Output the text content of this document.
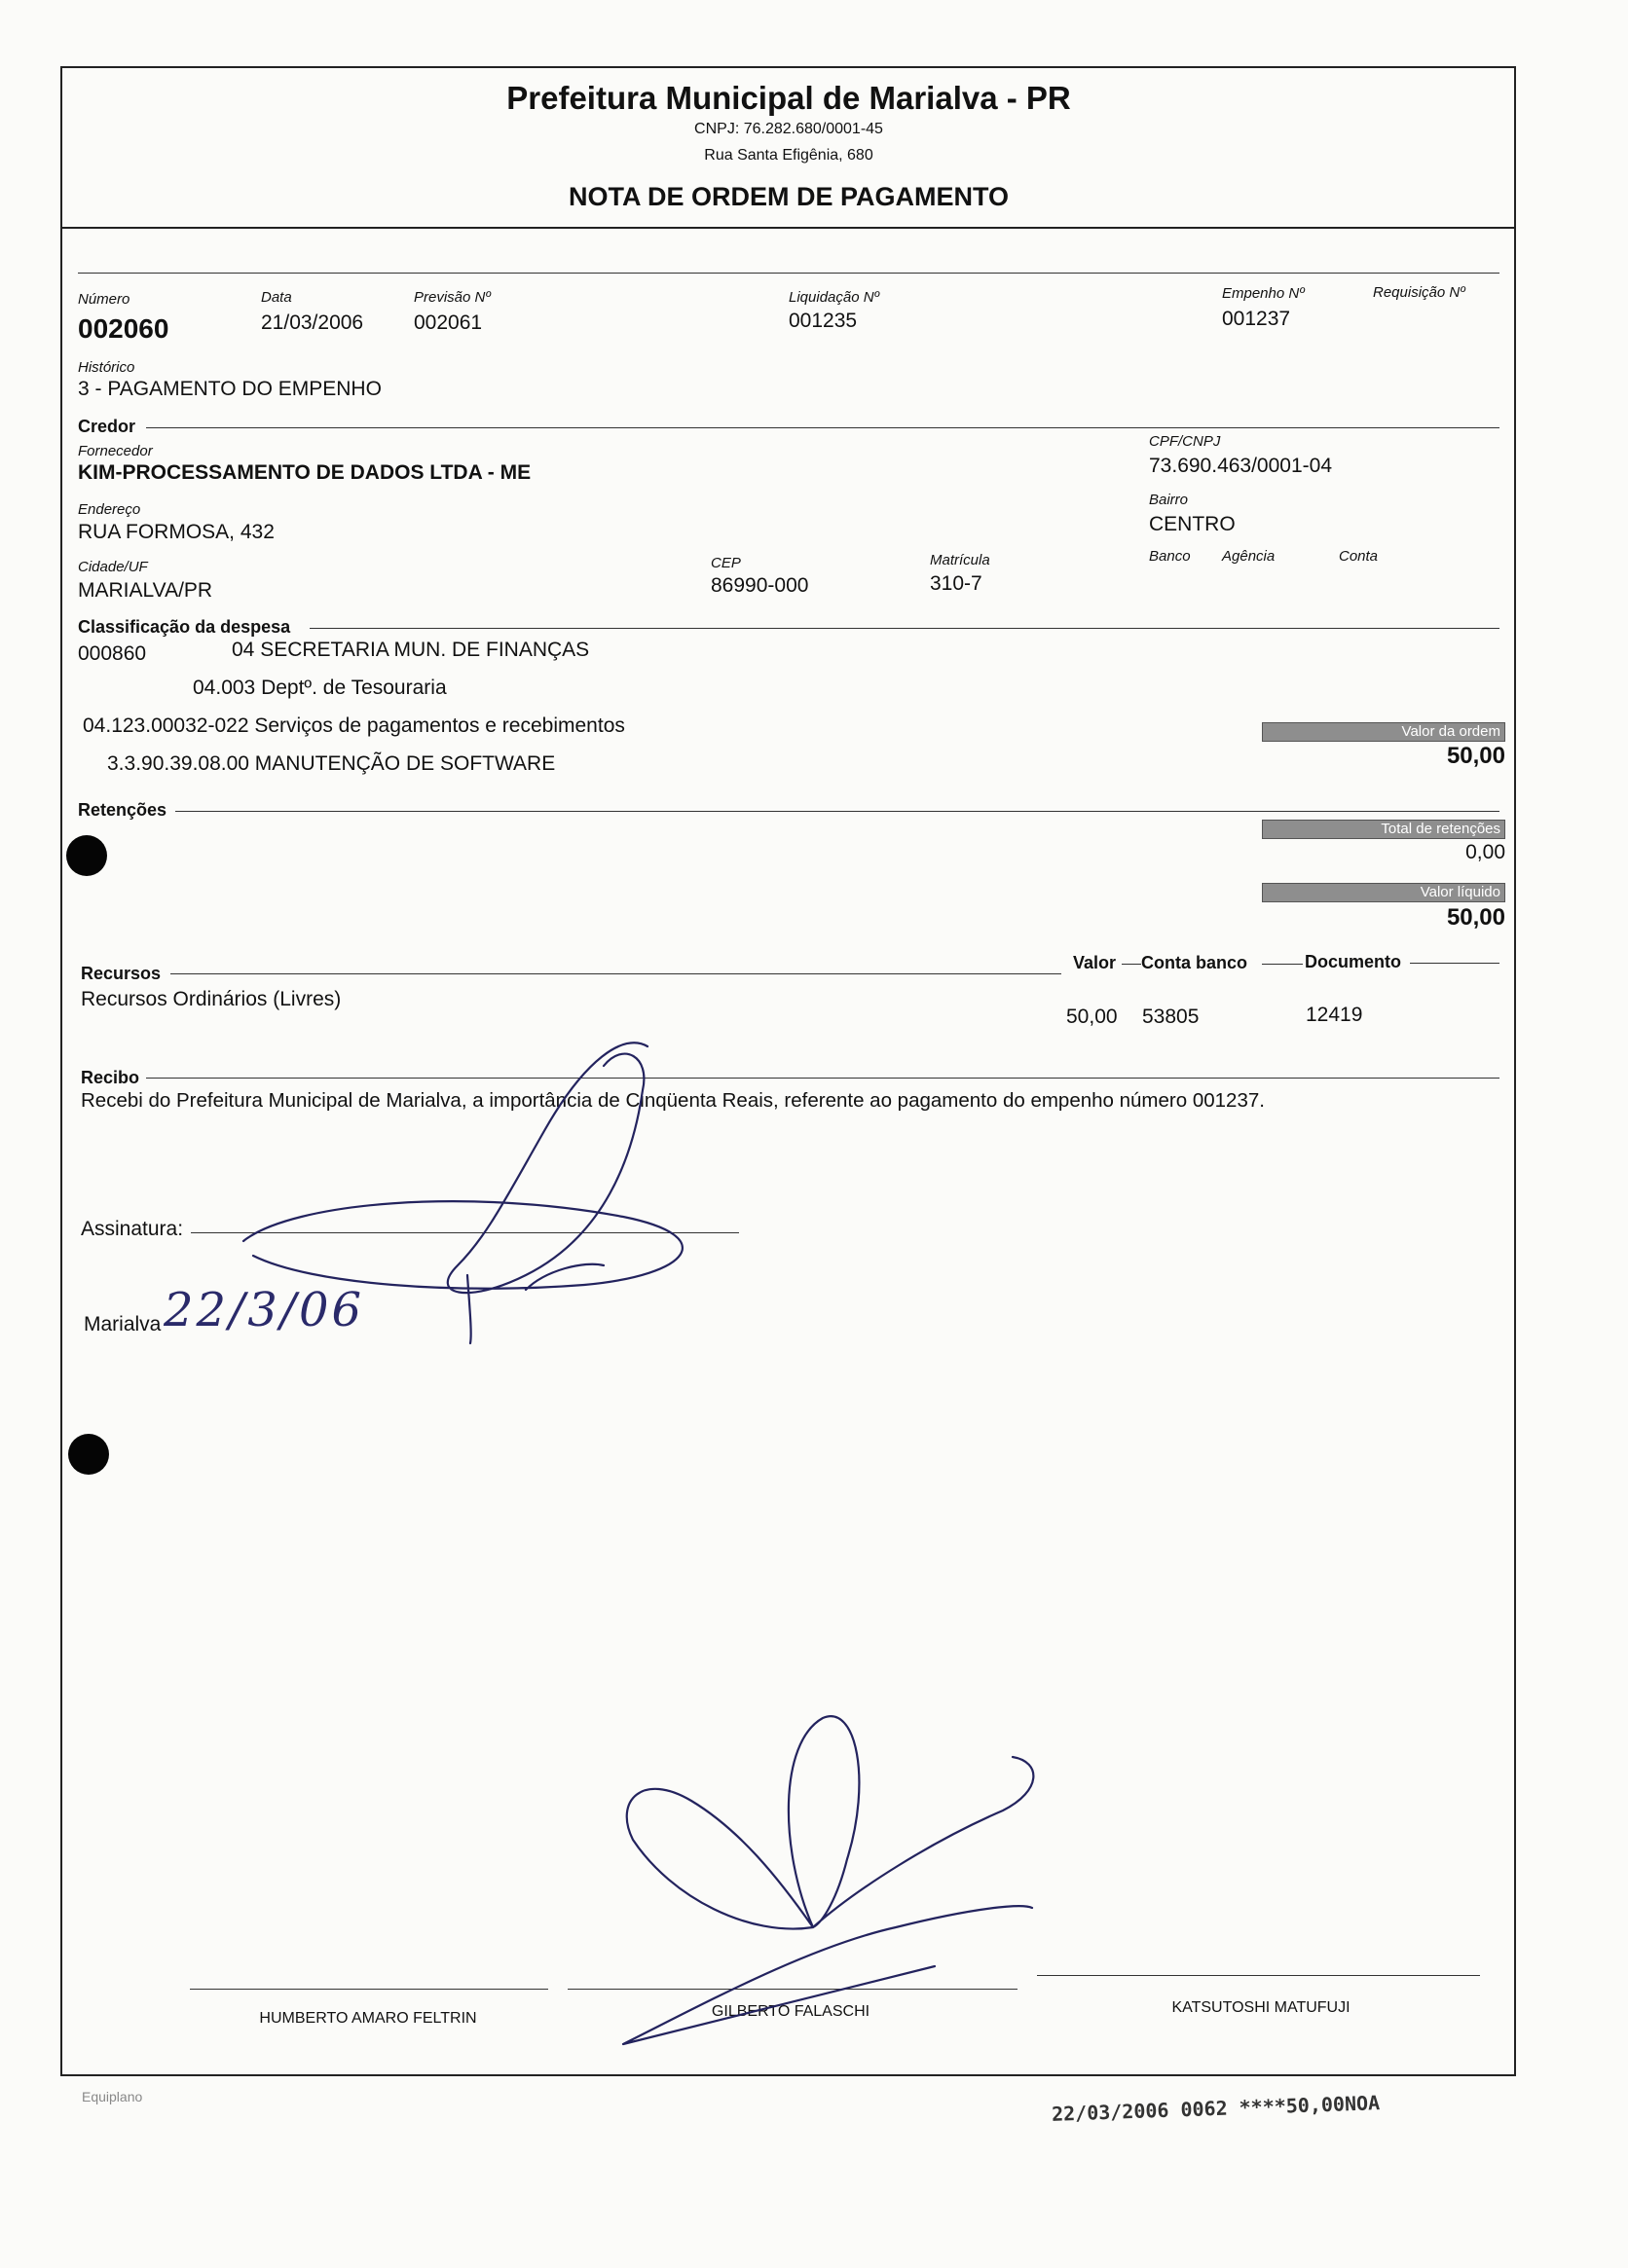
Prefeitura Municipal de Marialva - PR
CNPJ: 76.282.680/0001-45
Rua Santa Efigênia, 680
NOTA DE ORDEM DE PAGAMENTO
Número
002060
Data
21/03/2006
Previsão Nº
002061
Liquidação Nº
001235
Empenho Nº
001237
Requisição Nº
Histórico
3 - PAGAMENTO DO EMPENHO
Credor
Fornecedor
KIM-PROCESSAMENTO DE DADOS LTDA - ME
CPF/CNPJ
73.690.463/0001-04
Endereço
RUA FORMOSA, 432
Bairro
CENTRO
Cidade/UF
MARIALVA/PR
CEP
86990-000
Matrícula
310-7
Banco Agência	Conta
Classificação da despesa
000860	04 SECRETARIA MUN. DE FINANÇAS
04.003 Deptº. de Tesouraria
04.123.00032-022 Serviços de pagamentos e recebimentos
3.3.90.39.08.00 MANUTENÇÃO DE SOFTWARE
Valor da ordem
50,00
Retenções
Total de retenções
0,00
Valor líquido
50,00
Recursos
Valor Conta banco	Documento
Recursos Ordinários (Livres)
50,00 53805	12419
Recibo
Recebi do Prefeitura Municipal de Marialva, a importância de Cinqüenta Reais, referente ao pagamento do empenho número 001237.
Assinatura:
Marialva 22/3/06
HUMBERTO AMARO FELTRIN	GILBERTO FALASCHI	KATSUTOSHI MATUFUJI
Equiplano	22/03/2006 0062 ****50,00NOA
